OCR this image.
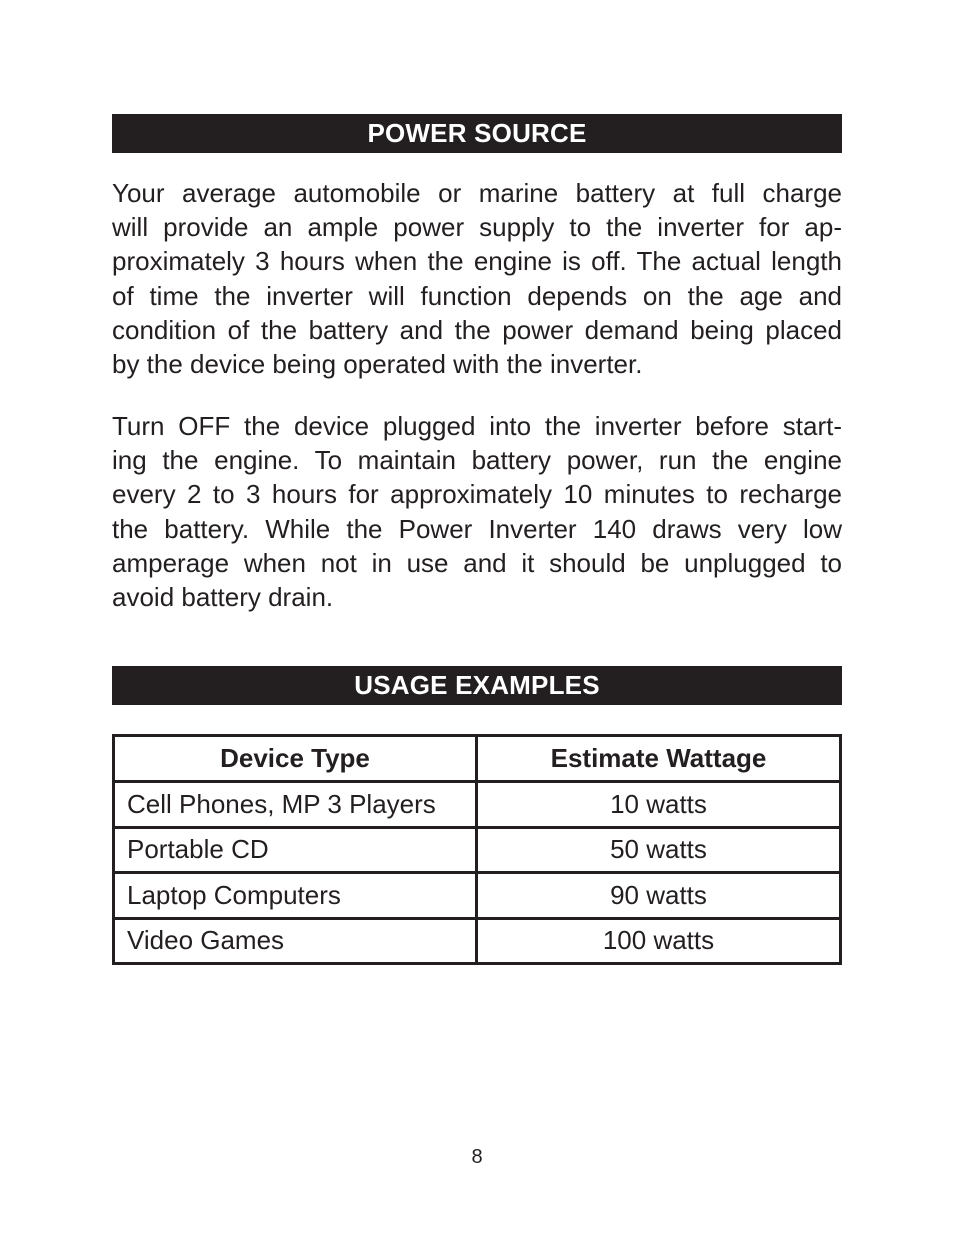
POWER SOURCE

Your average automobile or marine battery at full charge
will provide an ample power supply to the inverter for ap-
proximately 3 hours when the engine is off. The actual length
of time the inverter will function depends on the age and
condition of the battery and the power demand being placed
by the device being operated with the inverter.

Turn OFF the device plugged into the inverter before start-
ing the engine. To maintain battery power, run the engine
every 2 to 3 hours for approximately 10 minutes to recharge
the battery. While the Power Inverter 140 draws very low
amperage when not in use and it should be unplugged to
avoid battery drain.

USAGE EXAMPLES
Device Type	Estimate Wattage
Cell Phones, MP 3 Players	10 watts
Portable CD	50 watts
Laptop Computers	90 watts
Video Games	100 watts
8
